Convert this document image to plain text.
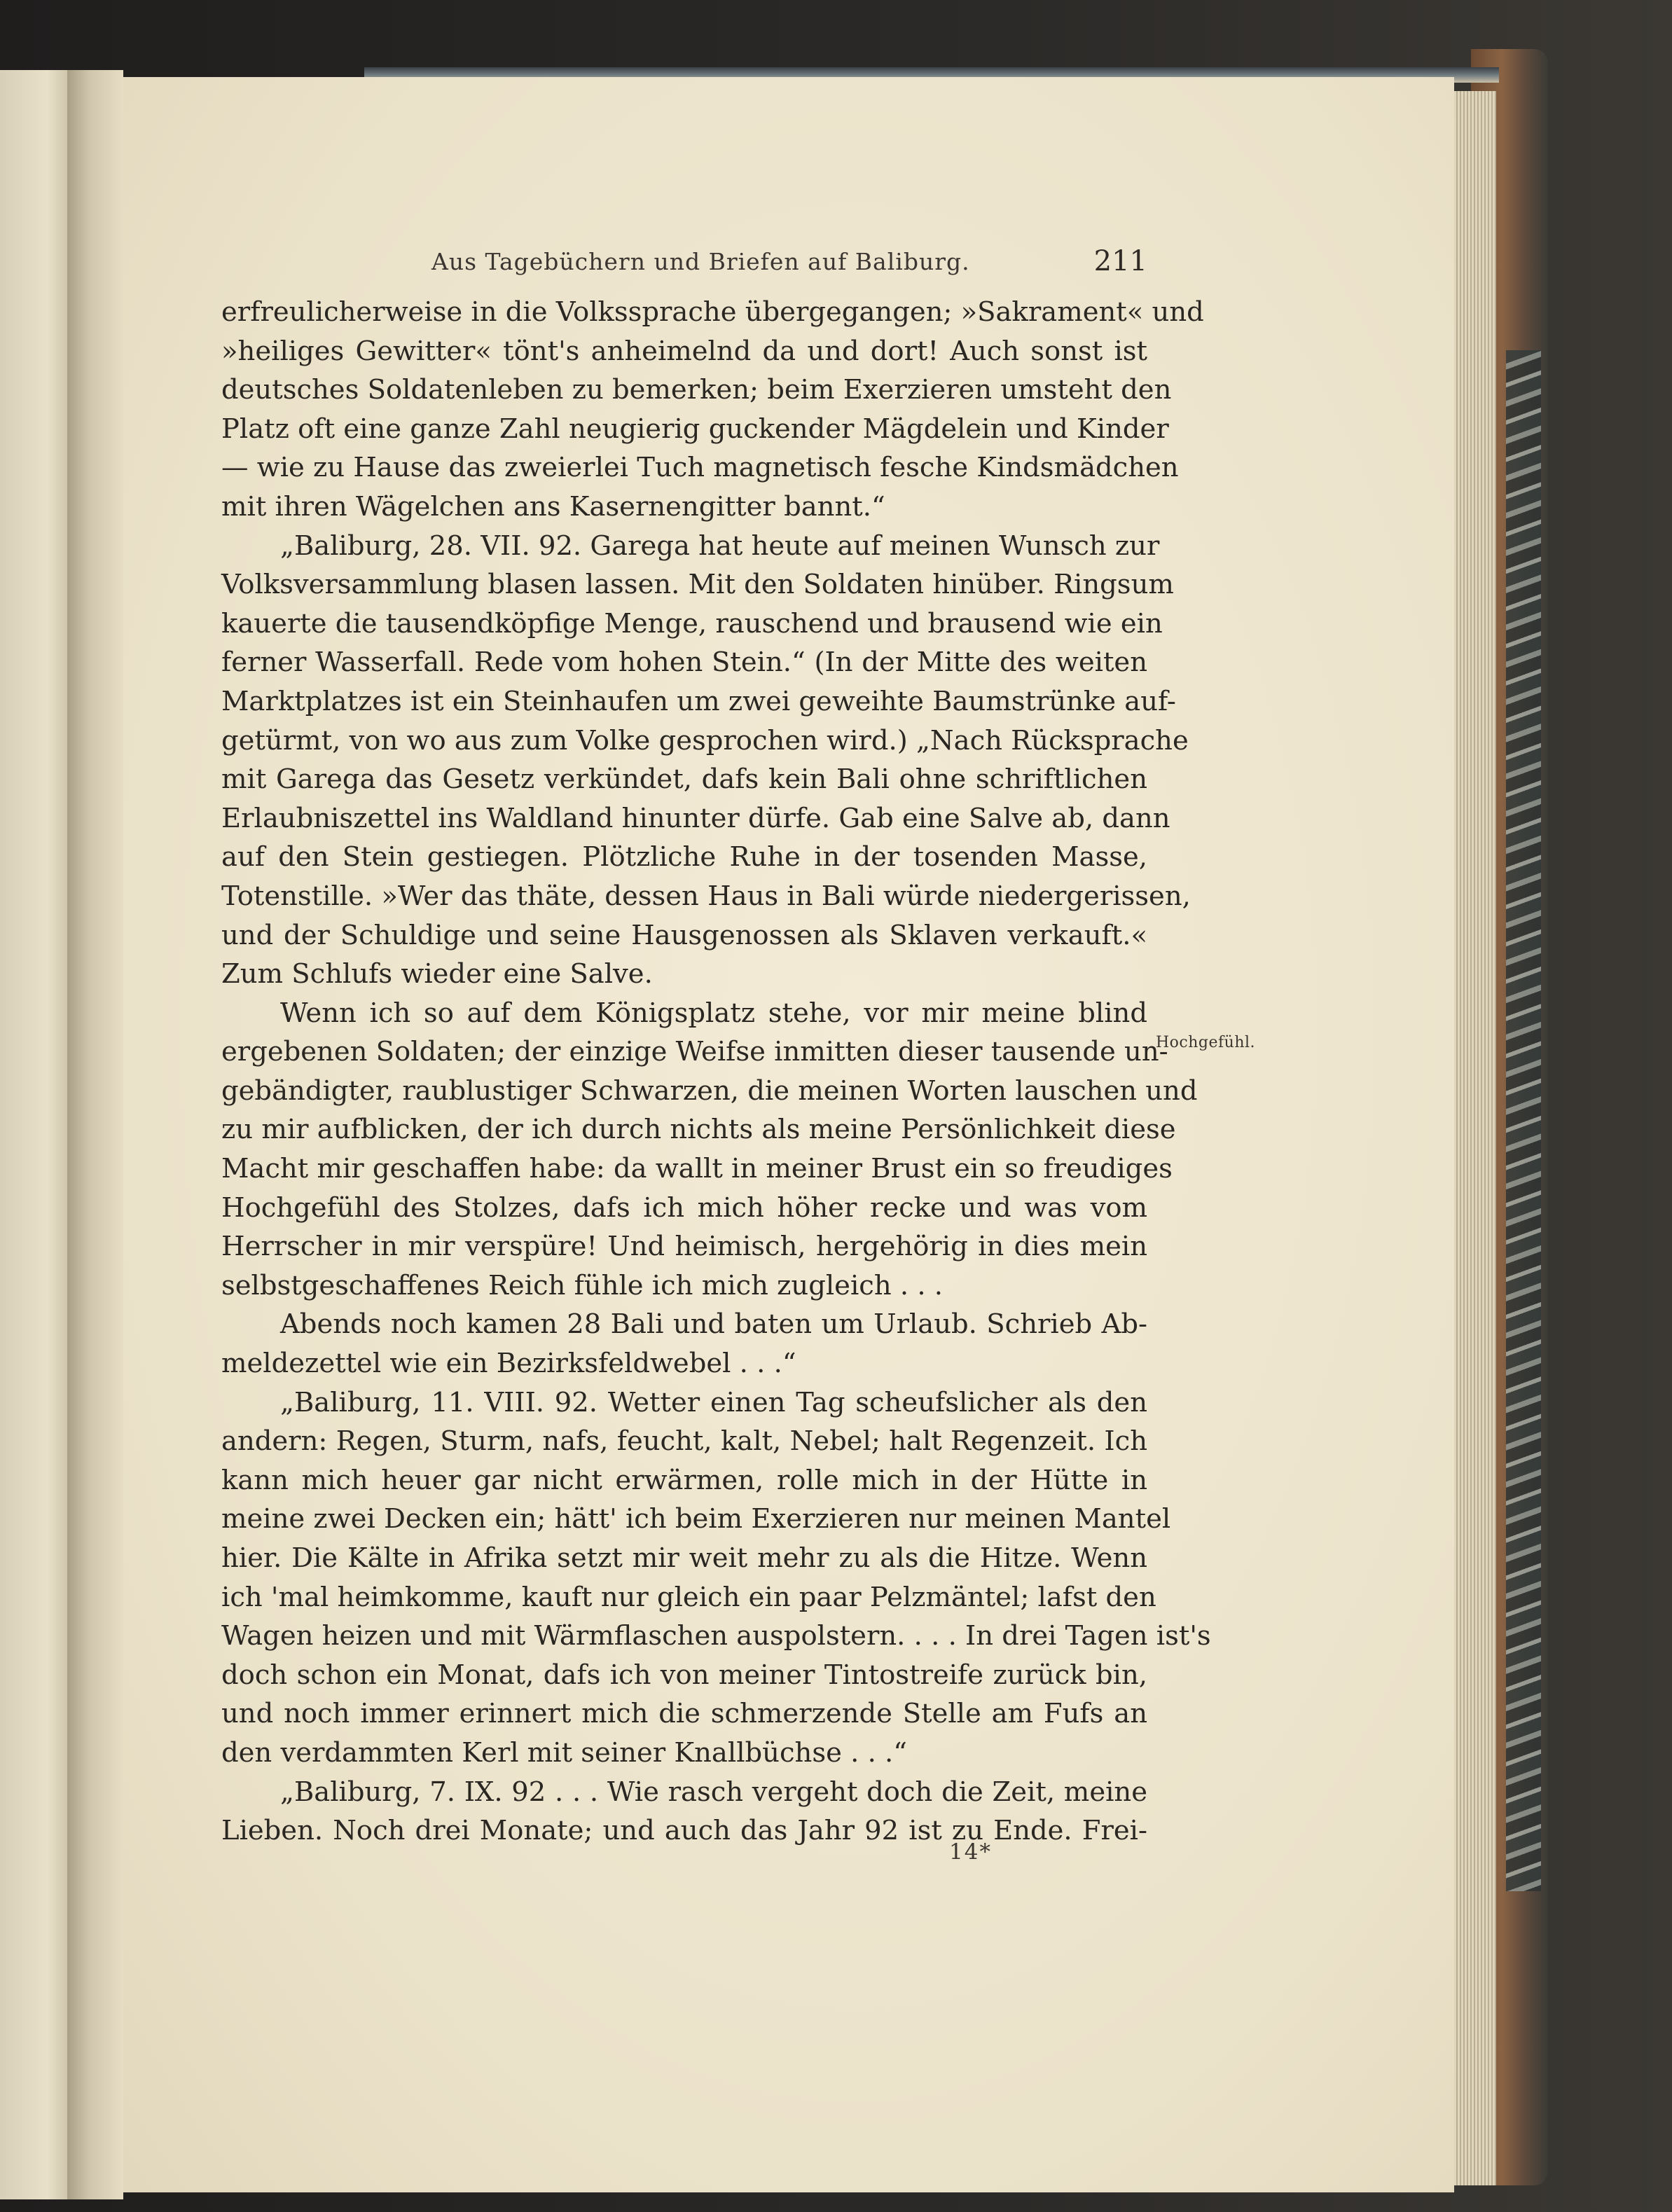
Aus Tagebüchern und Briefen auf Baliburg.	211
erfreulicherweise in die Volkssprache übergegangen; »Sakrament« und
»heiliges Gewitter« tönt's anheimelnd da und dort! Auch sonst ist
deutsches Soldatenleben zu bemerken; beim Exerzieren umsteht den
Platz oft eine ganze Zahl neugierig guckender Mägdelein und Kinder
— wie zu Hause das zweierlei Tuch magnetisch fesche Kindsmädchen
mit ihren Wägelchen ans Kasernengitter bannt.“
„Baliburg, 28. VII. 92. Garega hat heute auf meinen Wunsch zur
Volksversammlung blasen lassen. Mit den Soldaten hinüber. Ringsum
kauerte die tausendköpfige Menge, rauschend und brausend wie ein
ferner Wasserfall. Rede vom hohen Stein.“ (In der Mitte des weiten
Marktplatzes ist ein Steinhaufen um zwei geweihte Baumstrünke auf-
getürmt, von wo aus zum Volke gesprochen wird.) „Nach Rücksprache
mit Garega das Gesetz verkündet, dafs kein Bali ohne schriftlichen
Erlaubniszettel ins Waldland hinunter dürfe. Gab eine Salve ab, dann
auf den Stein gestiegen. Plötzliche Ruhe in der tosenden Masse,
Totenstille. »Wer das thäte, dessen Haus in Bali würde niedergerissen,
und der Schuldige und seine Hausgenossen als Sklaven verkauft.«
Zum Schlufs wieder eine Salve.
Wenn ich so auf dem Königsplatz stehe, vor mir meine blind
ergebenen Soldaten; der einzige Weifse inmitten dieser tausende un-
gebändigter, raublustiger Schwarzen, die meinen Worten lauschen und
zu mir aufblicken, der ich durch nichts als meine Persönlichkeit diese
Macht mir geschaffen habe: da wallt in meiner Brust ein so freudiges
Hochgefühl des Stolzes, dafs ich mich höher recke und was vom
Herrscher in mir verspüre! Und heimisch, hergehörig in dies mein
selbstgeschaffenes Reich fühle ich mich zugleich . . .
Abends noch kamen 28 Bali und baten um Urlaub. Schrieb Ab-
meldezettel wie ein Bezirksfeldwebel . . .“
„Baliburg, 11. VIII. 92. Wetter einen Tag scheufslicher als den
andern: Regen, Sturm, nafs, feucht, kalt, Nebel; halt Regenzeit. Ich
kann mich heuer gar nicht erwärmen, rolle mich in der Hütte in
meine zwei Decken ein; hätt' ich beim Exerzieren nur meinen Mantel
hier. Die Kälte in Afrika setzt mir weit mehr zu als die Hitze. Wenn
ich 'mal heimkomme, kauft nur gleich ein paar Pelzmäntel; lafst den
Wagen heizen und mit Wärmflaschen auspolstern. . . . In drei Tagen ist's
doch schon ein Monat, dafs ich von meiner Tintostreife zurück bin,
und noch immer erinnert mich die schmerzende Stelle am Fufs an
den verdammten Kerl mit seiner Knallbüchse . . .“
„Baliburg, 7. IX. 92 . . . Wie rasch vergeht doch die Zeit, meine
Lieben. Noch drei Monate; und auch das Jahr 92 ist zu Ende. Frei-
Hochgefühl.
14*
